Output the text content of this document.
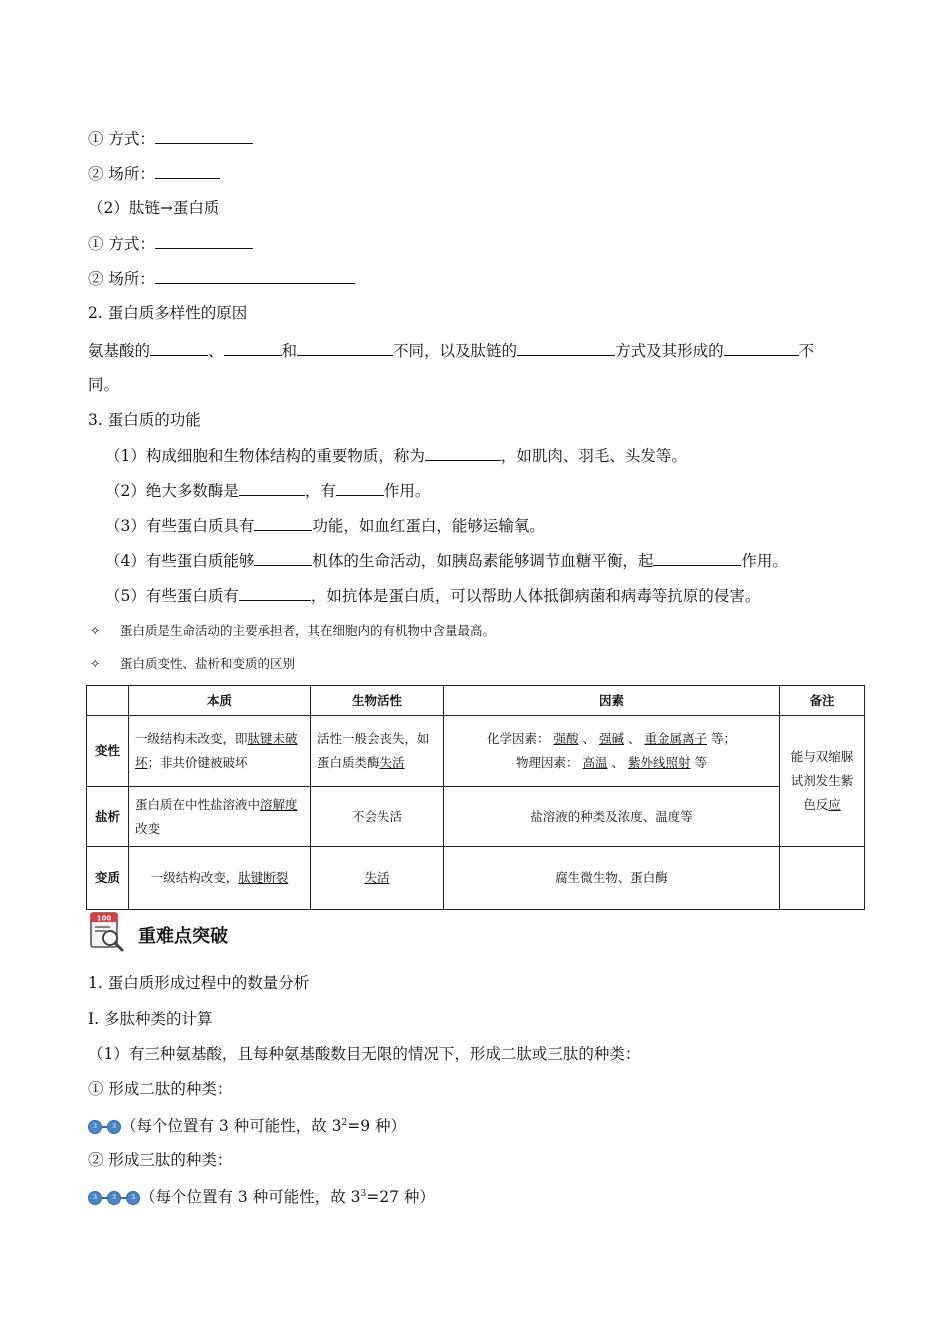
① 方式：
② 场所：
（2）肽链→蛋白质
① 方式：
② 场所：
2. 蛋白质多样性的原因
氨基酸的	、	和	不同，以及肽链的	方式及其形成的	不
同。
3. 蛋白质的功能
（1）构成细胞和生物体结构的重要物质，称为	，如肌肉、羽毛、头发等。
（2）绝大多数酶是	，有	作用。
（3）有些蛋白质具有	功能，如血红蛋白，能够运输氧。
（4）有些蛋白质能够	机体的生命活动，如胰岛素能够调节血糖平衡，起	作用。
（5）有些蛋白质有	，如抗体是蛋白质，可以帮助人体抵御病菌和病毒等抗原的侵害。
✧ 蛋白质是生命活动的主要承担者，其在细胞内的有机物中含量最高。
✧ 蛋白质变性、盐析和变质的区别
	本质	生物活性	因素	备注
变性	一级结构未改变，即肽键未破坏；非共价键被破坏	活性一般会丧失，如蛋白质类酶失活	化学因素： 强酸 、 强碱 、 重金属离子 等；
物理因素： 高温 、 紫外线照射 等	能与双缩脲试剂发生紫色反应
盐析	蛋白质在中性盐溶液中溶解度改变	不会失活	盐溶液的种类及浓度、温度等	
变质	一级结构改变，肽键断裂	失活	腐生微生物、蛋白酶	
100
重难点突破
1. 蛋白质形成过程中的数量分析
I. 多肽种类的计算
（1）有三种氨基酸，且每种氨基酸数目无限的情况下，形成二肽或三肽的种类：
① 形成二肽的种类：
3	3 （每个位置有 3 种可能性，故 $3^2=9$ 种）
② 形成三肽的种类：
3	3	3 （每个位置有 3 种可能性，故 $3^3=27$ 种）
